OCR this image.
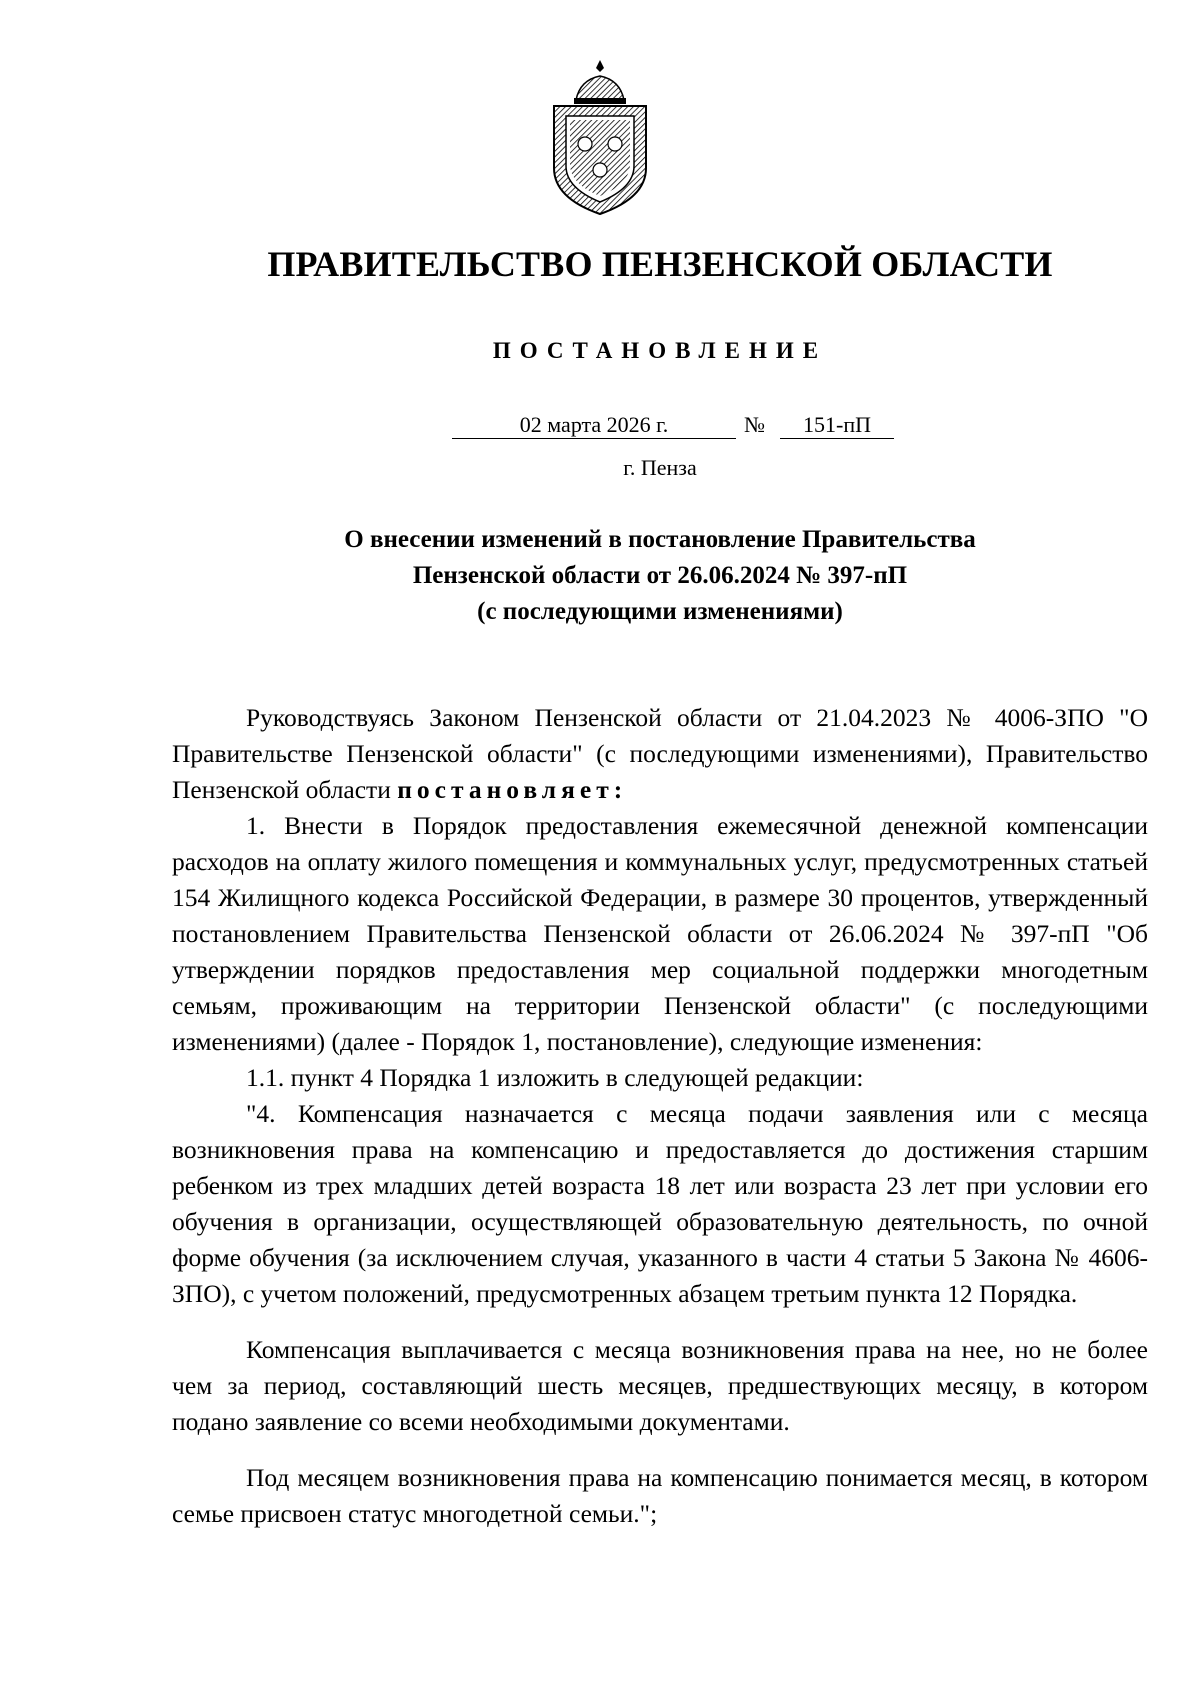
ПРАВИТЕЛЬСТВО ПЕНЗЕНСКОЙ ОБЛАСТИ
ПОСТАНОВЛЕНИЕ
02 марта 2026 г.	№	151-пП
г. Пенза
О внесении изменений в постановление Правительства
Пензенской области от 26.06.2024 № 397-пП
(с последующими изменениями)

Руководствуясь Законом Пензенской области от 21.04.2023 № 4006-ЗПО "О Правительстве Пензенской области" (с последующими изменениями), Правительство Пензенской области постановляет:

1. Внести в Порядок предоставления ежемесячной денежной компенсации расходов на оплату жилого помещения и коммунальных услуг, предусмотренных статьей 154 Жилищного кодекса Российской Федерации, в размере 30 процентов, утвержденный постановлением Правительства Пензенской области от 26.06.2024 № 397-пП "Об утверждении порядков предоставления мер социальной поддержки многодетным семьям, проживающим на территории Пензенской области" (с последующими изменениями) (далее - Порядок 1, постановление), следующие изменения:

1.1. пункт 4 Порядка 1 изложить в следующей редакции:

"4. Компенсация назначается с месяца подачи заявления или с месяца возникновения права на компенсацию и предоставляется до достижения старшим ребенком из трех младших детей возраста 18 лет или возраста 23 лет при условии его обучения в организации, осуществляющей образовательную деятельность, по очной форме обучения (за исключением случая, указанного в части 4 статьи 5 Закона № 4606-ЗПО), с учетом положений, предусмотренных абзацем третьим пункта 12 Порядка.

Компенсация выплачивается с месяца возникновения права на нее, но не более чем за период, составляющий шесть месяцев, предшествующих месяцу, в котором подано заявление со всеми необходимыми документами.

Под месяцем возникновения права на компенсацию понимается месяц, в котором семье присвоен статус многодетной семьи.";
